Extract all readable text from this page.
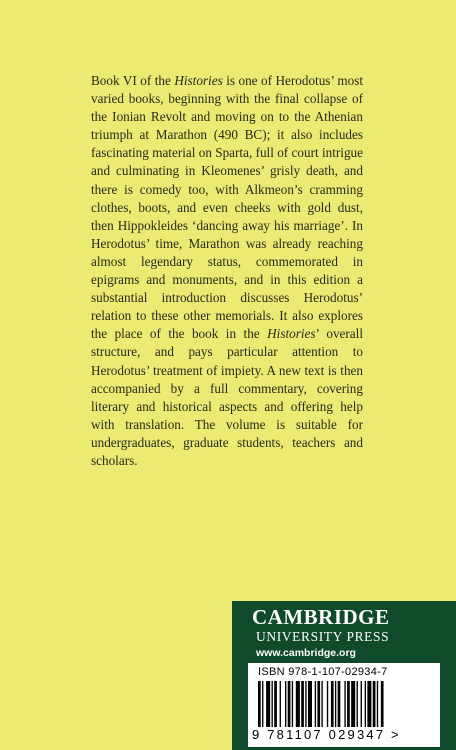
Book VI of the Histories is one of Herodotus’ most varied books, beginning with the final collapse of the Ionian Revolt and moving on to the Athenian triumph at Marathon (490 BC); it also includes fascinating material on Sparta, full of court intrigue and culminating in Kleomenes’ grisly death, and there is comedy too, with Alkmeon’s cramming clothes, boots, and even cheeks with gold dust, then Hippokleides ‘dancing away his marriage’. In Herodotus’ time, Marathon was already reaching almost legendary status, commemorated in epigrams and monuments, and in this edition a substantial introduction discusses Herodotus’ relation to these other memorials. It also explores the place of the book in the Histories’ overall structure, and pays particular attention to Herodotus’ treatment of impiety. A new text is then accompanied by a full commentary, covering literary and historical aspects and offering help with translation. The volume is suitable for undergraduates, graduate students, teachers and scholars.

CAMBRIDGE
UNIVERSITY PRESS
www.cambridge.org
ISBN 978-1-107-02934-7
9 781107 029347 >
